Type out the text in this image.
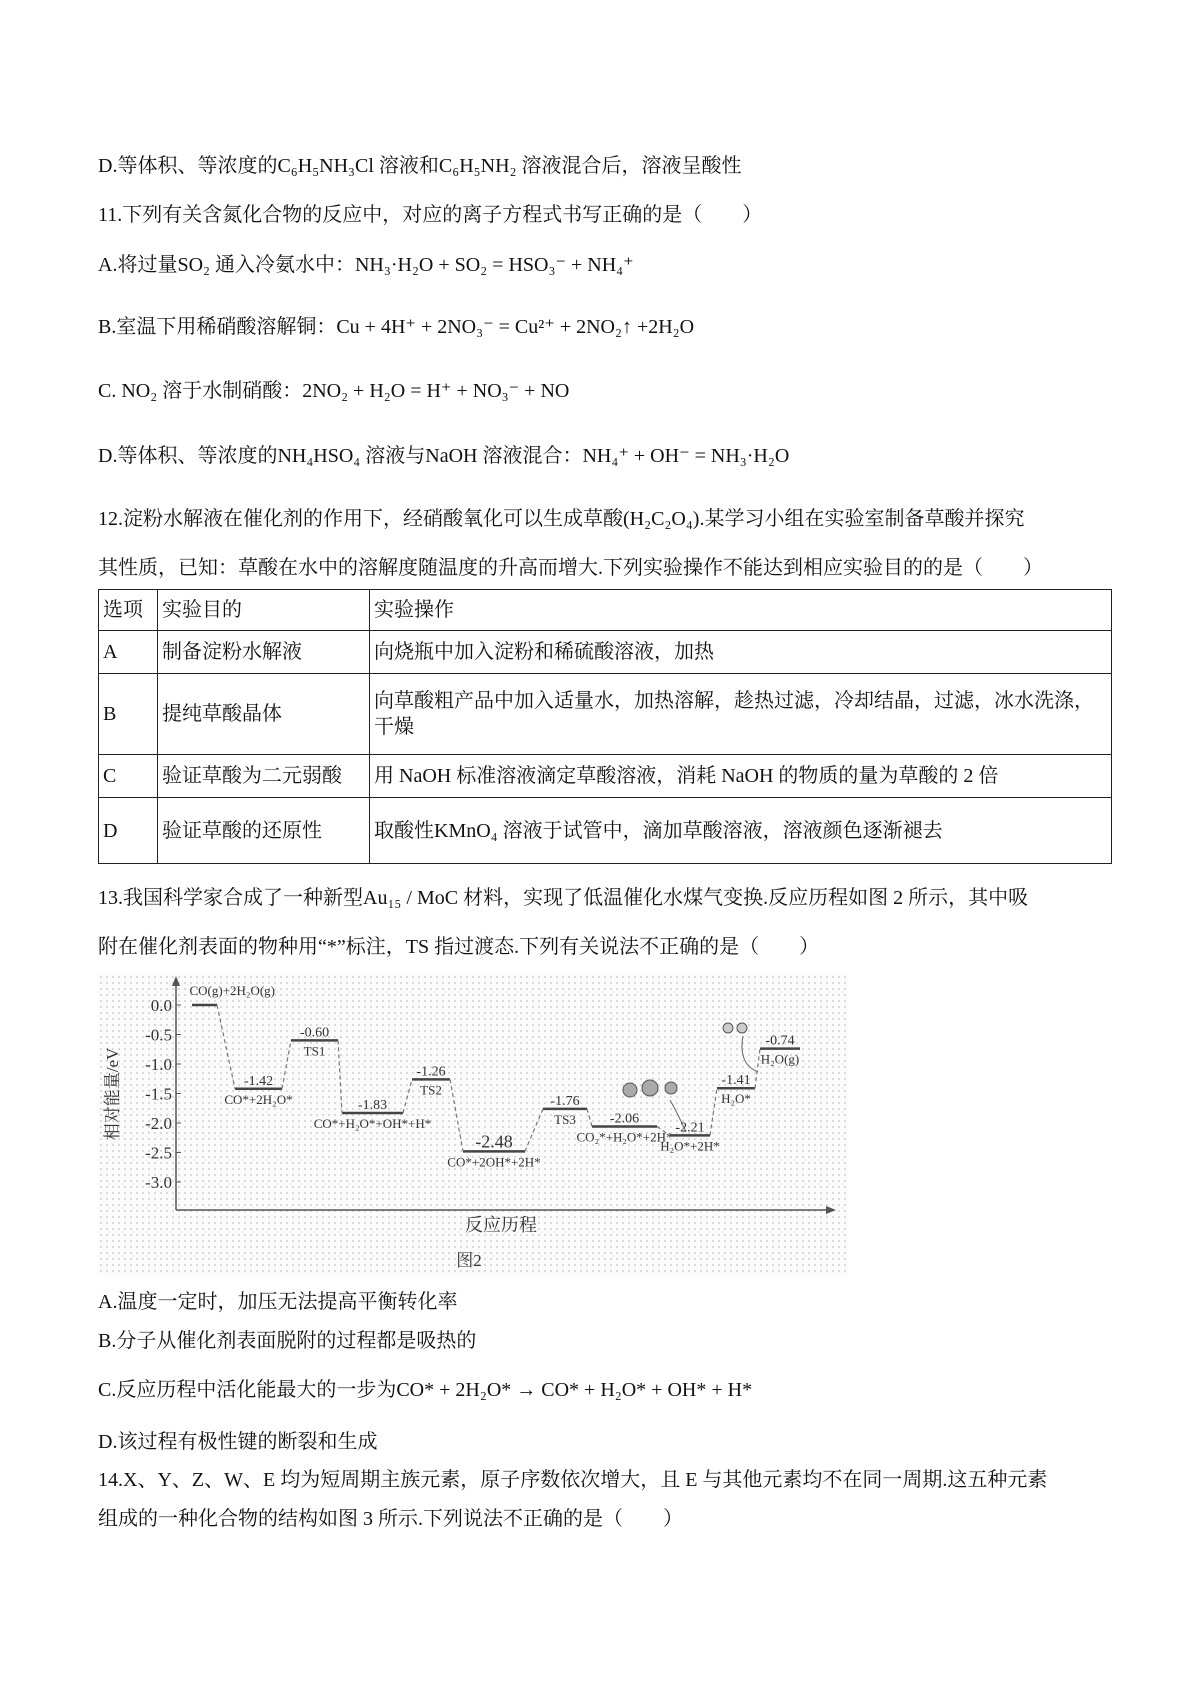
D.等体积、等浓度的C₆H₅NH₃Cl 溶液和C₆H₅NH₂ 溶液混合后，溶液呈酸性
11.下列有关含氮化合物的反应中，对应的离子方程式书写正确的是（　　）
A.将过量SO₂ 通入冷氨水中：NH₃·H₂O + SO₂ = HSO₃⁻ + NH₄⁺
B.室温下用稀硝酸溶解铜：Cu + 4H⁺ + 2NO₃⁻ = Cu²⁺ + 2NO₂↑ +2H₂O
C. NO₂ 溶于水制硝酸：2NO₂ + H₂O = H⁺ + NO₃⁻ + NO
D.等体积、等浓度的NH₄HSO₄ 溶液与NaOH 溶液混合：NH₄⁺ + OH⁻ = NH₃·H₂O
12.淀粉水解液在催化剂的作用下，经硝酸氧化可以生成草酸(H₂C₂O₄).某学习小组在实验室制备草酸并探究
其性质，已知：草酸在水中的溶解度随温度的升高而增大.下列实验操作不能达到相应实验目的的是（　　）
选项	实验目的	实验操作
A	制备淀粉水解液	向烧瓶中加入淀粉和稀硫酸溶液，加热
B	提纯草酸晶体	向草酸粗产品中加入适量水，加热溶解，趁热过滤，冷却结晶，过滤，冰水洗涤，干燥
C	验证草酸为二元弱酸	用 NaOH 标准溶液滴定草酸溶液，消耗 NaOH 的物质的量为草酸的 2 倍
D	验证草酸的还原性	取酸性KMnO₄ 溶液于试管中，滴加草酸溶液，溶液颜色逐渐褪去
13.我国科学家合成了一种新型Au₁₅ / MoC 材料，实现了低温催化水煤气变换.反应历程如图 2 所示，其中吸
附在催化剂表面的物种用“*”标注，TS 指过渡态.下列有关说法不正确的是（　　）
相对能量/eV
反应历程
图2
0.0
-0.5
-1.0
-1.5
-2.0
-2.5
-3.0
CO(g)+2H₂O(g)
-1.42
CO*+2H₂O*
-0.60
TS1
-1.83
CO*+H₂O*+OH*+H*
-1.26
TS2
-2.48
CO*+2OH*+2H*
-1.76
TS3 -2.06
CO₂*+H₂O*+2H*
-2.21
H₂O*+2H*
-1.41
H₂O*
-0.74
H₂O(g)
A.温度一定时，加压无法提高平衡转化率
B.分子从催化剂表面脱附的过程都是吸热的
C.反应历程中活化能最大的一步为CO* + 2H₂O* → CO* + H₂O* + OH* + H*
D.该过程有极性键的断裂和生成
14.X、Y、Z、W、E 均为短周期主族元素，原子序数依次增大，且 E 与其他元素均不在同一周期.这五种元素
组成的一种化合物的结构如图 3 所示.下列说法不正确的是（　　）
